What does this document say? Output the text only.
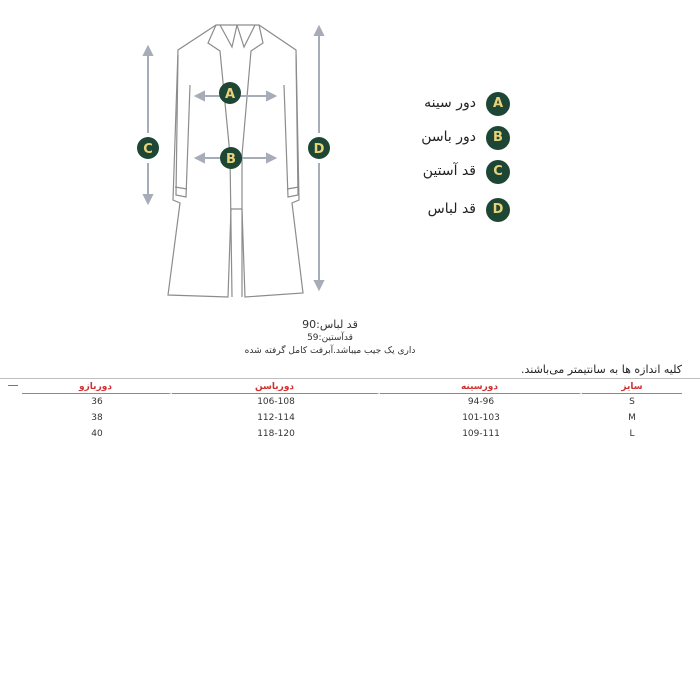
A
B
C	D
دور سینه	A
دور باسن	B
قد آستین	C
قد لباس	D
قد لباس:90
قدآستین:59
داری یک جیب میباشد.آبرفت کامل گرفته شده
کلیه اندازه ها به سانتیمتر می‌باشند.
سایز	دورسینه	دورباسن	دوربازو
S	94-96	106-108	36
M	101-103	112-114	38
L	109-111	118-120	40
